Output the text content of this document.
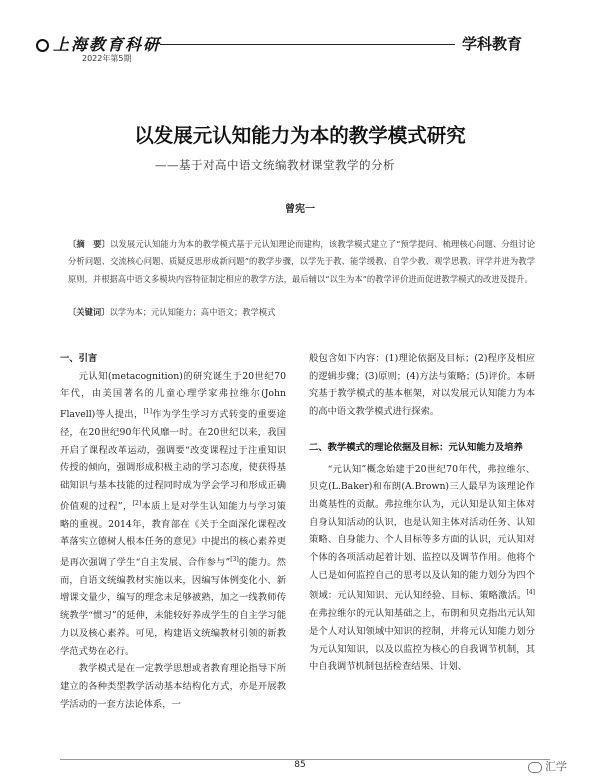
上海教育科研
2022年第5期
学科教育
以发展元认知能力为本的教学模式研究
——基于对高中语文统编教材课堂教学的分析
曾宪一
〔摘　要〕以发展元认知能力为本的教学模式基于元认知理论而建构，该教学模式建立了“预学提问、梳理核心问题、分组讨论分析问题、交流核心问题、质疑反思形成新问题”的教学步骤，以学先于教、能学缓教、自学少教、观学思教、评学并进为教学原则，并根据高中语文多模块内容特征制定相应的教学方法，最后辅以“以生为本”的教学评价进而促进教学模式的改进及提升。
〔关键词〕以学为本；元认知能力；高中语文；教学模式
一、引言

元认知(metacognition)的研究诞生于20世纪70年代，由美国著名的儿童心理学家弗拉维尔(John Flavell)等人提出，[1]作为学生学习方式转变的重要途径，在20世纪90年代风靡一时。在20世纪以来，我国开启了课程改革运动，强调要“改变课程过于注重知识传授的倾向，强调形成积极主动的学习态度，使获得基础知识与基本技能的过程同时成为学会学习和形成正确价值观的过程”，[2]本质上是对学生认知能力与学习策略的重视。2014年，教育部在《关于全面深化课程改革落实立德树人根本任务的意见》中提出的核心素养更是再次强调了学生“自主发展、合作参与”[3]的能力。然而，自语文统编教材实施以来，因编写体例变化小、新增课文量少，编写的理念未足够被熟，加之一线教师传统教学“惯习”的延伸，未能较好养成学生的自主学习能力以及核心素养。可见，构建语文统编教材引领的新教学范式势在必行。

教学模式是在一定教学思想或者教育理论指导下所建立的各种类型教学活动基本结构化方式，亦是开展教学活动的一套方法论体系，一

般包含如下内容：(1)理论依据及目标；(2)程序及相应的逻辑步骤；(3)原则；(4)方法与策略；(5)评价。本研究基于教学模式的基本框架，对以发展元认知能力为本的高中语文教学模式进行探索。

二、教学模式的理论依据及目标：元认知能力及培养

“元认知”概念始建于20世纪70年代，弗拉维尔、贝克(L.Baker)和布朗(A.Brown)三人最早为该理论作出奠基性的贡献。弗拉维尔认为，元认知是认知主体对自身认知活动的认识，也是认知主体对活动任务、认知策略、自身能力、个人目标等多方面的认识，元认知对个体的各项活动起着计划、监控以及调节作用。他将个人已是如何监控自己的思考以及认知的能力划分为四个领域：元认知知识、元认知经验、目标、策略激活。[4]在弗拉维尔的元认知基础之上，布朗和贝克指出元认知是个人对认知领域中知识的控制，并将元认知能力划分为元认知知识，以及以监控为核心的自我调节机制，其中自我调节机制包括检查结果、计划、

85	汇学
